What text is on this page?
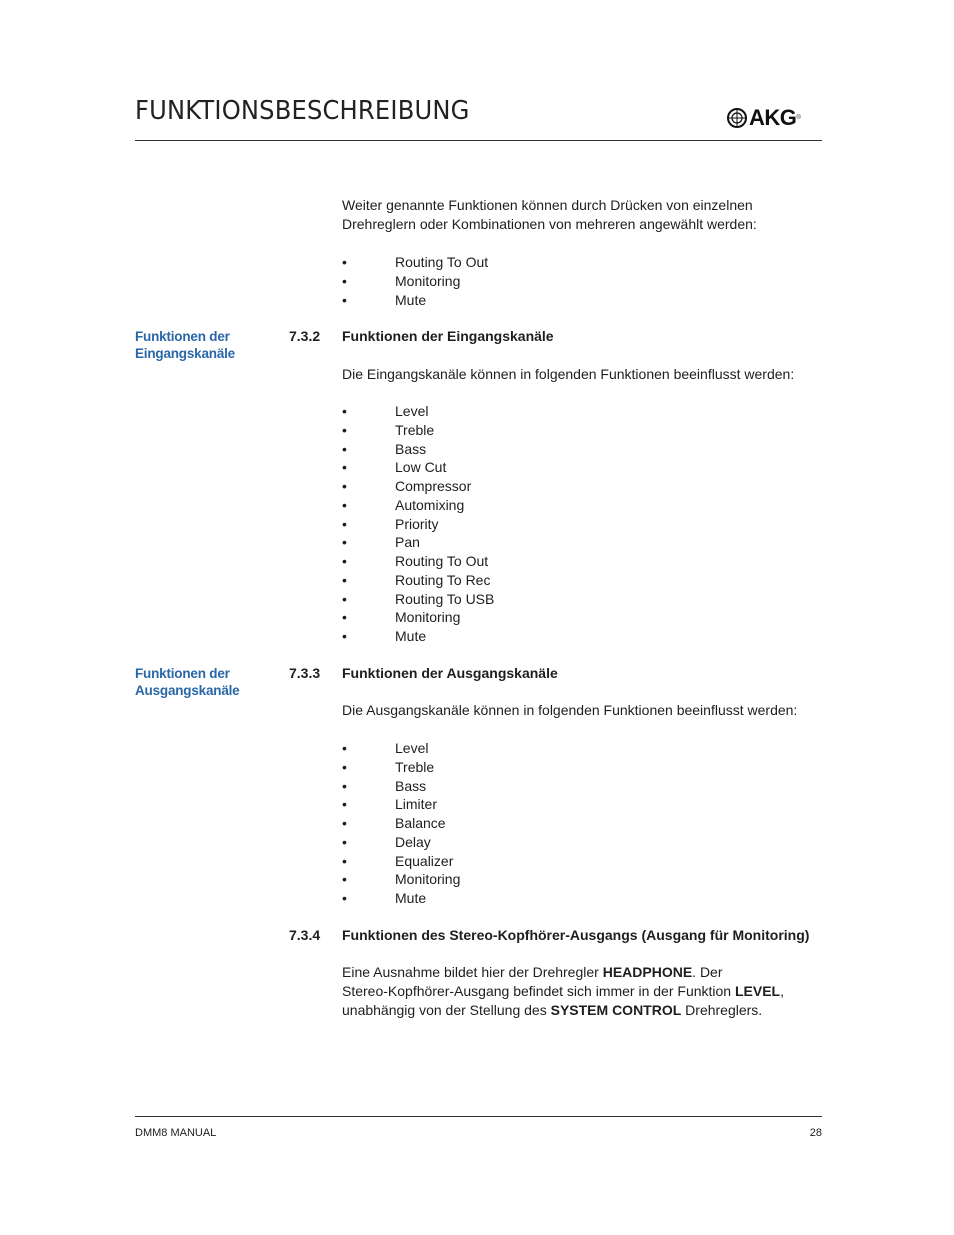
FUNKTIONSBESCHREIBUNG	AKG ®
Weiter genannte Funktionen können durch Drücken von einzelnen
Drehreglern oder Kombinationen von mehreren angewählt werden:
•	Routing To Out
•	Monitoring
•	Mute
Funktionen der
Eingangskanäle
7.3.2 Funktionen der Eingangskanäle
Die Eingangskanäle können in folgenden Funktionen beeinflusst werden:
•	Level
•	Treble
•	Bass
•	Low Cut
•	Compressor
•	Automixing
•	Priority
•	Pan
•	Routing To Out
•	Routing To Rec
•	Routing To USB
•	Monitoring
•	Mute
Funktionen der
Ausgangskanäle
7.3.3 Funktionen der Ausgangskanäle
Die Ausgangskanäle können in folgenden Funktionen beeinflusst werden:
•	Level
•	Treble
•	Bass
•	Limiter
•	Balance
•	Delay
•	Equalizer
•	Monitoring
•	Mute
7.3.4 Funktionen des Stereo-Kopfhörer-Ausgangs (Ausgang für Monitoring)
Eine Ausnahme bildet hier der Drehregler HEADPHONE. Der
Stereo-Kopfhörer-Ausgang befindet sich immer in der Funktion LEVEL,
unabhängig von der Stellung des SYSTEM CONTROL Drehreglers.
DMM8 MANUAL	28
